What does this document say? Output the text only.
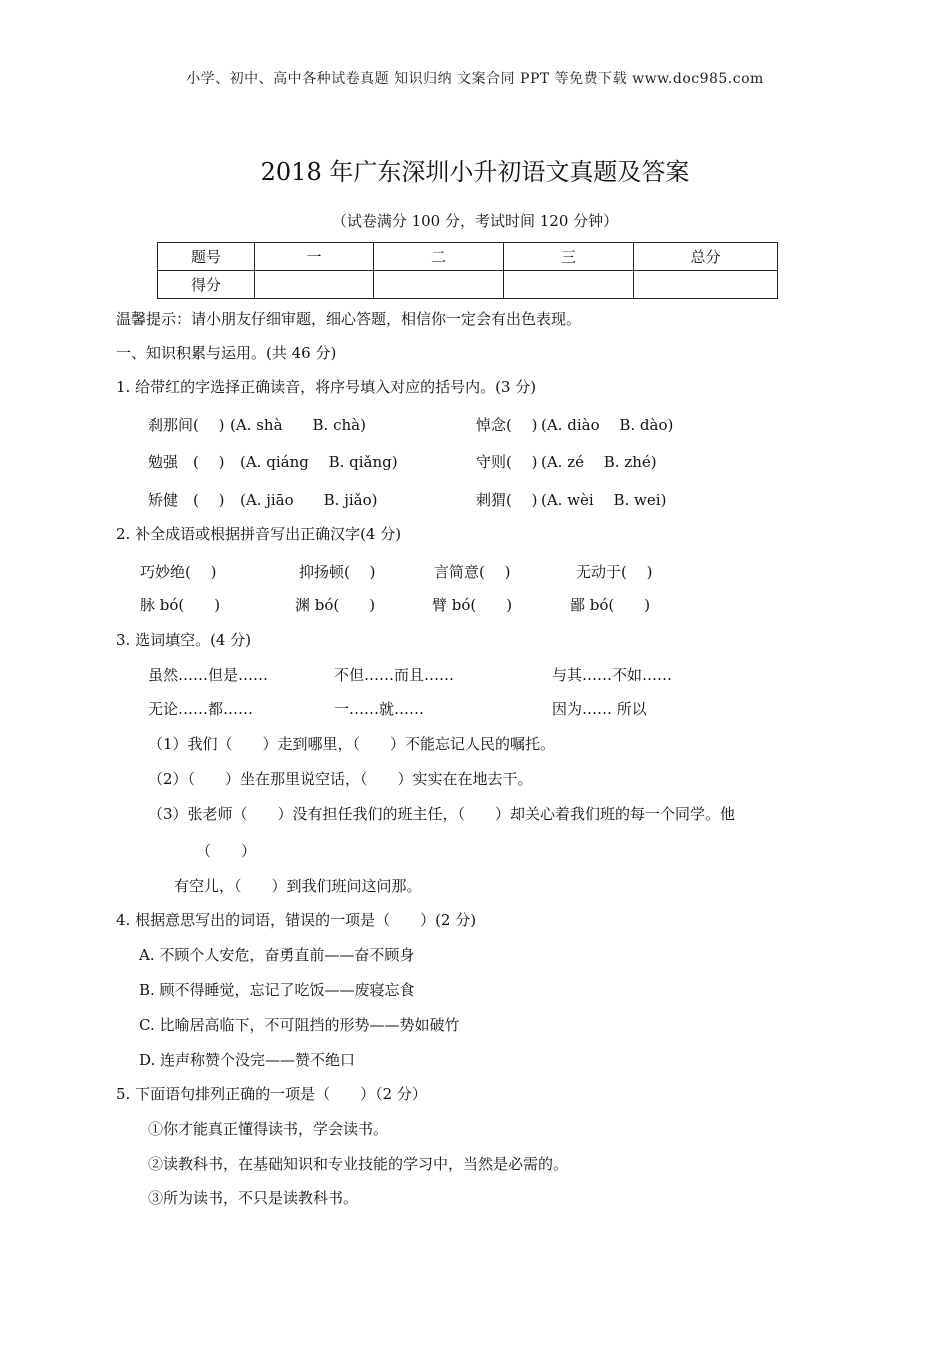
小学、初中、高中各种试卷真题 知识归纳 文案合同 PPT 等免费下载 www.doc985.com
2018 年广东深圳小升初语文真题及答案
（试卷满分 100 分，考试时间 120 分钟）
题号	一	二	三	总分
得分				
温馨提示：请小朋友仔细审题，细心答题，相信你一定会有出色表现。
一、知识积累与运用。(共 46 分)
1. 给带红的字选择正确读音，将序号填入对应的括号内。(3 分)
刹那间(　 ) (A. shà　　B. chà)	悼念(　 ) (A. diào　 B. dào)
勉强　(　 ) (A. qiáng　 B. qiǎng)	守则(　 ) (A. zé　 B. zhé)
矫健　(　 ) (A. jiāo　　B. jiǎo)	刺猬(　 ) (A. wèi　 B. wei)
2. 补全成语或根据拼音写出正确汉字(4 分)
巧妙绝(　 )	抑扬顿(　 )	言简意(　 )	无动于(　 )
脉 bó(　　)	渊 bó(　　)	臂 bó(　　)	鄙 bó(　　)
3. 选词填空。(4 分)
虽然……但是……	不但……而且……	与其……不如……
无论……都……	一……就……	因为…… 所以
（1）我们（　　）走到哪里，（　　）不能忘记人民的嘱托。
（2）（　　）坐在那里说空话，（　　）实实在在地去干。
（3）张老师（　　）没有担任我们的班主任，（　　）却关心着我们班的每一个同学。他
（　　）
有空儿，（　　）到我们班问这问那。
4. 根据意思写出的词语，错误的一项是（　　）(2 分)
A. 不顾个人安危，奋勇直前——奋不顾身
B. 顾不得睡觉，忘记了吃饭——废寝忘食
C. 比喻居高临下，不可阻挡的形势——势如破竹
D. 连声称赞个没完——赞不绝口
5. 下面语句排列正确的一项是（　　）（2 分）
①你才能真正懂得读书，学会读书。
②读教科书，在基础知识和专业技能的学习中，当然是必需的。
③所为读书，不只是读教科书。
